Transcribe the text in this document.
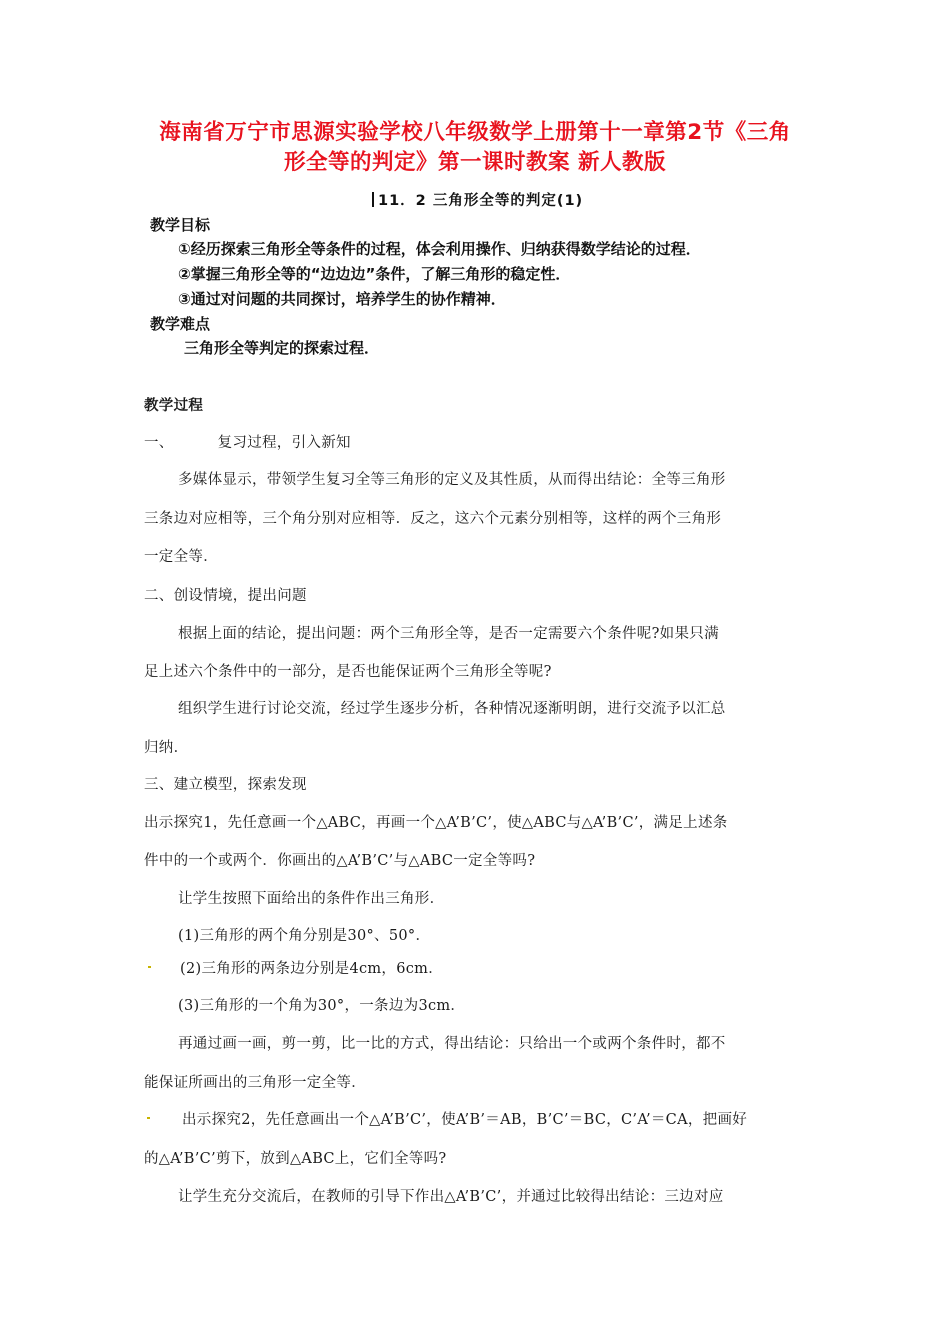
海南省万宁市思源实验学校八年级数学上册第十一章第2节《三角
形全等的判定》第一课时教案 新人教版
11．2 三角形全等的判定(1)
教学目标
①经历探索三角形全等条件的过程，体会利用操作、归纳获得数学结论的过程．
②掌握三角形全等的“边边边”条件，了解三角形的稳定性．
③通过对问题的共同探讨，培养学生的协作精神．
教学难点
三角形全等判定的探索过程．
教学过程
一、	复习过程，引入新知
多媒体显示，带领学生复习全等三角形的定义及其性质，从而得出结论：全等三角形
三条边对应相等，三个角分别对应相等．反之，这六个元素分别相等，这样的两个三角形
一定全等．
二、创设情境，提出问题
根据上面的结论，提出问题：两个三角形全等，是否一定需要六个条件呢?如果只满
足上述六个条件中的一部分，是否也能保证两个三角形全等呢?
组织学生进行讨论交流，经过学生逐步分析，各种情况逐渐明朗，进行交流予以汇总
归纳．
三、建立模型，探索发现
出示探究1，先任意画一个△ABC，再画一个△A’B’C’，使△ABC与△A’B’C’，满足上述条
件中的一个或两个．你画出的△A’B’C’与△ABC一定全等吗?
让学生按照下面给出的条件作出三角形．
(1)三角形的两个角分别是30°、50°．
(2)三角形的两条边分别是4cm，6cm．
(3)三角形的一个角为30°，一条边为3cm．
再通过画一画，剪一剪，比一比的方式，得出结论：只给出一个或两个条件时，都不
能保证所画出的三角形一定全等．
出示探究2，先任意画出一个△A’B’C’，使A’B’＝AB，B’C’＝BC，C’A’＝CA，把画好
的△A’B’C’剪下，放到△ABC上，它们全等吗?
让学生充分交流后，在教师的引导下作出△A’B’C’，并通过比较得出结论：三边对应
